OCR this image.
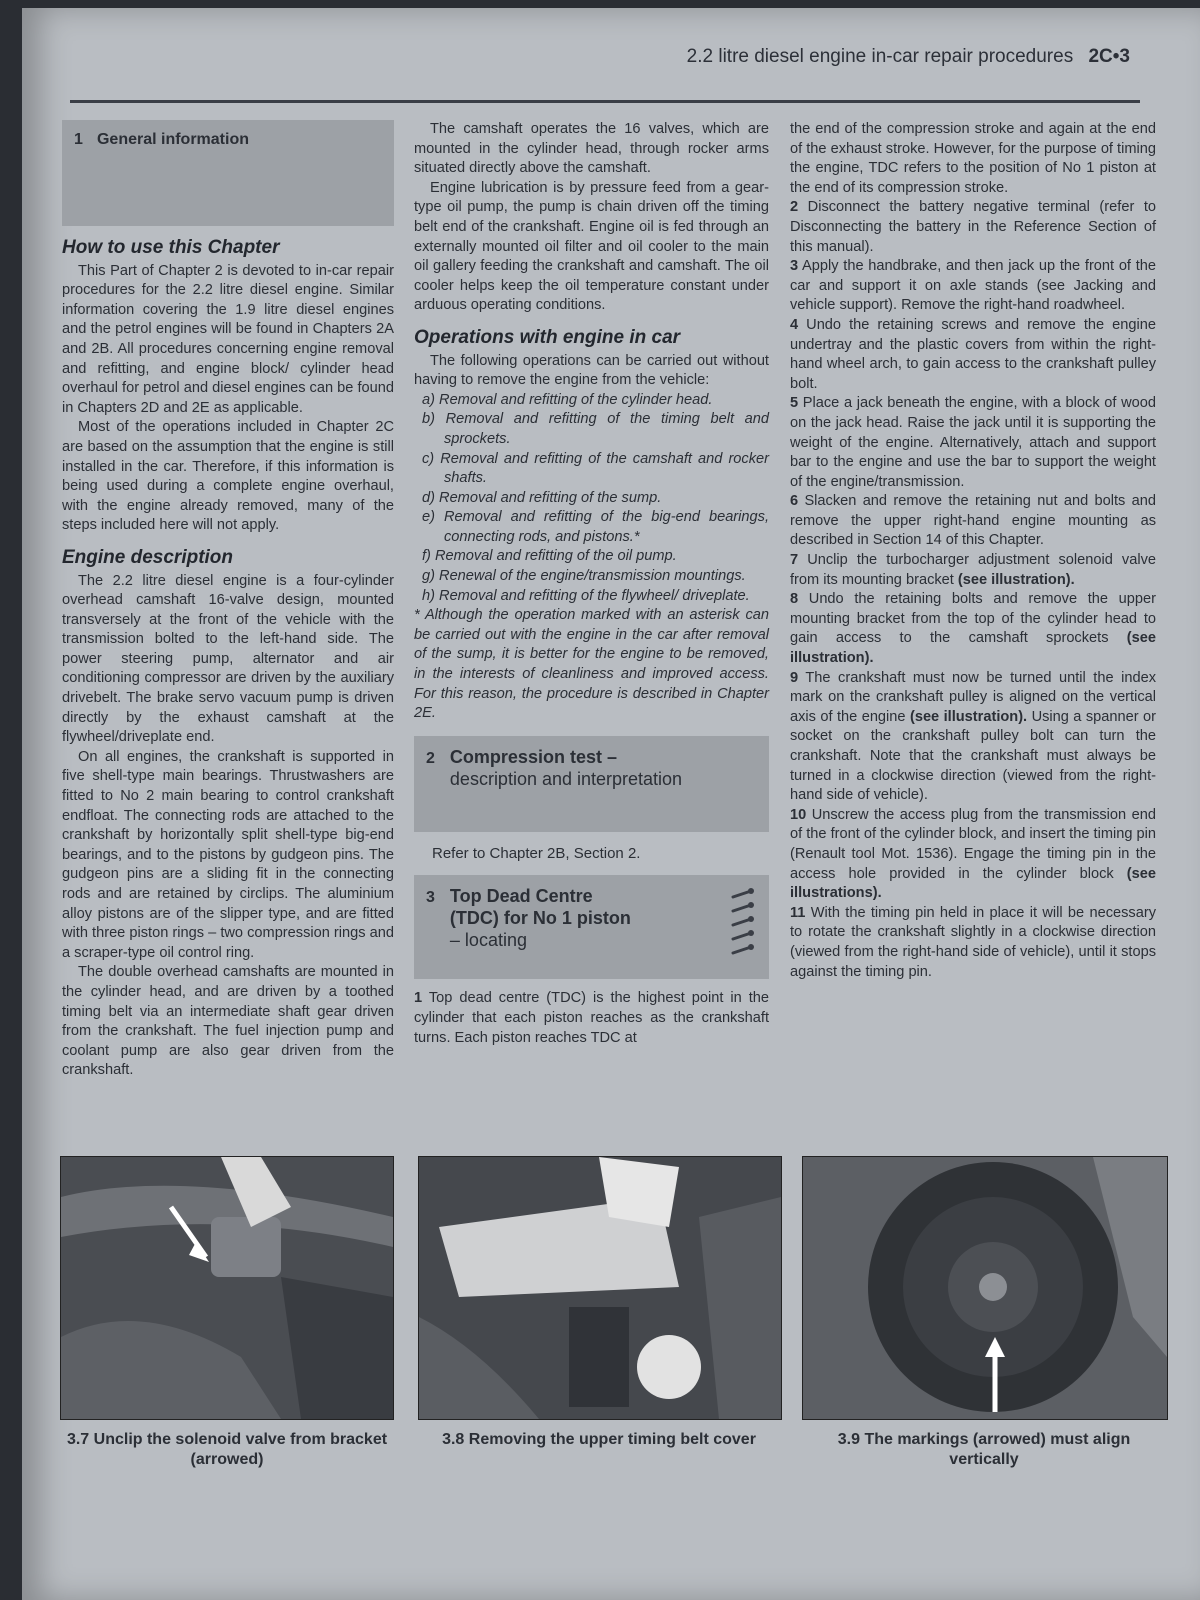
2.2 litre diesel engine in-car repair procedures 2C•3
1 General information
How to use this Chapter

This Part of Chapter 2 is devoted to in-car repair procedures for the 2.2 litre diesel engine. Similar information covering the 1.9 litre diesel engines and the petrol engines will be found in Chapters 2A and 2B. All procedures concerning engine removal and refitting, and engine block/ cylinder head overhaul for petrol and diesel engines can be found in Chapters 2D and 2E as applicable.

Most of the operations included in Chapter 2C are based on the assumption that the engine is still installed in the car. Therefore, if this information is being used during a complete engine overhaul, with the engine already removed, many of the steps included here will not apply.

Engine description

The 2.2 litre diesel engine is a four-cylinder overhead camshaft 16-valve design, mounted transversely at the front of the vehicle with the transmission bolted to the left-hand side. The power steering pump, alternator and air conditioning compressor are driven by the auxiliary drivebelt. The brake servo vacuum pump is driven directly by the exhaust camshaft at the flywheel/driveplate end.

On all engines, the crankshaft is supported in five shell-type main bearings. Thrustwashers are fitted to No 2 main bearing to control crankshaft endfloat. The connecting rods are attached to the crankshaft by horizontally split shell-type big-end bearings, and to the pistons by gudgeon pins. The gudgeon pins are a sliding fit in the connecting rods and are retained by circlips. The aluminium alloy pistons are of the slipper type, and are fitted with three piston rings – two compression rings and a scraper-type oil control ring.

The double overhead camshafts are mounted in the cylinder head, and are driven by a toothed timing belt via an intermediate shaft gear driven from the crankshaft. The fuel injection pump and coolant pump are also gear driven from the crankshaft.

The camshaft operates the 16 valves, which are mounted in the cylinder head, through rocker arms situated directly above the camshaft.

Engine lubrication is by pressure feed from a gear-type oil pump, the pump is chain driven off the timing belt end of the crankshaft. Engine oil is fed through an externally mounted oil filter and oil cooler to the main oil gallery feeding the crankshaft and camshaft. The oil cooler helps keep the oil temperature constant under arduous operating conditions.

Operations with engine in car

The following operations can be carried out without having to remove the engine from the vehicle:

a) Removal and refitting of the cylinder head.
b) Removal and refitting of the timing belt and sprockets.
c) Removal and refitting of the camshaft and rocker shafts.
d) Removal and refitting of the sump.
e) Removal and refitting of the big-end bearings, connecting rods, and pistons.*
f) Removal and refitting of the oil pump.
g) Renewal of the engine/transmission mountings.
h) Removal and refitting of the flywheel/ driveplate.

* Although the operation marked with an asterisk can be carried out with the engine in the car after removal of the sump, it is better for the engine to be removed, in the interests of cleanliness and improved access. For this reason, the procedure is described in Chapter 2E.

2 Compression test –
description and interpretation
Refer to Chapter 2B, Section 2.
3 Top Dead Centre
(TDC) for No 1 piston
– locating

1 Top dead centre (TDC) is the highest point in the cylinder that each piston reaches as the crankshaft turns. Each piston reaches TDC at

the end of the compression stroke and again at the end of the exhaust stroke. However, for the purpose of timing the engine, TDC refers to the position of No 1 piston at the end of its compression stroke.

2 Disconnect the battery negative terminal (refer to Disconnecting the battery in the Reference Section of this manual).

3 Apply the handbrake, and then jack up the front of the car and support it on axle stands (see Jacking and vehicle support). Remove the right-hand roadwheel.

4 Undo the retaining screws and remove the engine undertray and the plastic covers from within the right-hand wheel arch, to gain access to the crankshaft pulley bolt.

5 Place a jack beneath the engine, with a block of wood on the jack head. Raise the jack until it is supporting the weight of the engine. Alternatively, attach and support bar to the engine and use the bar to support the weight of the engine/transmission.

6 Slacken and remove the retaining nut and bolts and remove the upper right-hand engine mounting as described in Section 14 of this Chapter.

7 Unclip the turbocharger adjustment solenoid valve from its mounting bracket (see illustration).

8 Undo the retaining bolts and remove the upper mounting bracket from the top of the cylinder head to gain access to the camshaft sprockets (see illustration).

9 The crankshaft must now be turned until the index mark on the crankshaft pulley is aligned on the vertical axis of the engine (see illustration). Using a spanner or socket on the crankshaft pulley bolt can turn the crankshaft. Note that the crankshaft must always be turned in a clockwise direction (viewed from the right-hand side of vehicle).

10 Unscrew the access plug from the transmission end of the front of the cylinder block, and insert the timing pin (Renault tool Mot. 1536). Engage the timing pin in the access hole provided in the cylinder block (see illustrations).

11 With the timing pin held in place it will be necessary to rotate the crankshaft slightly in a clockwise direction (viewed from the right-hand side of vehicle), until it stops against the timing pin.

3.7 Unclip the solenoid valve from bracket (arrowed)
3.8 Removing the upper timing belt cover	3.9 The markings (arrowed) must align vertically
